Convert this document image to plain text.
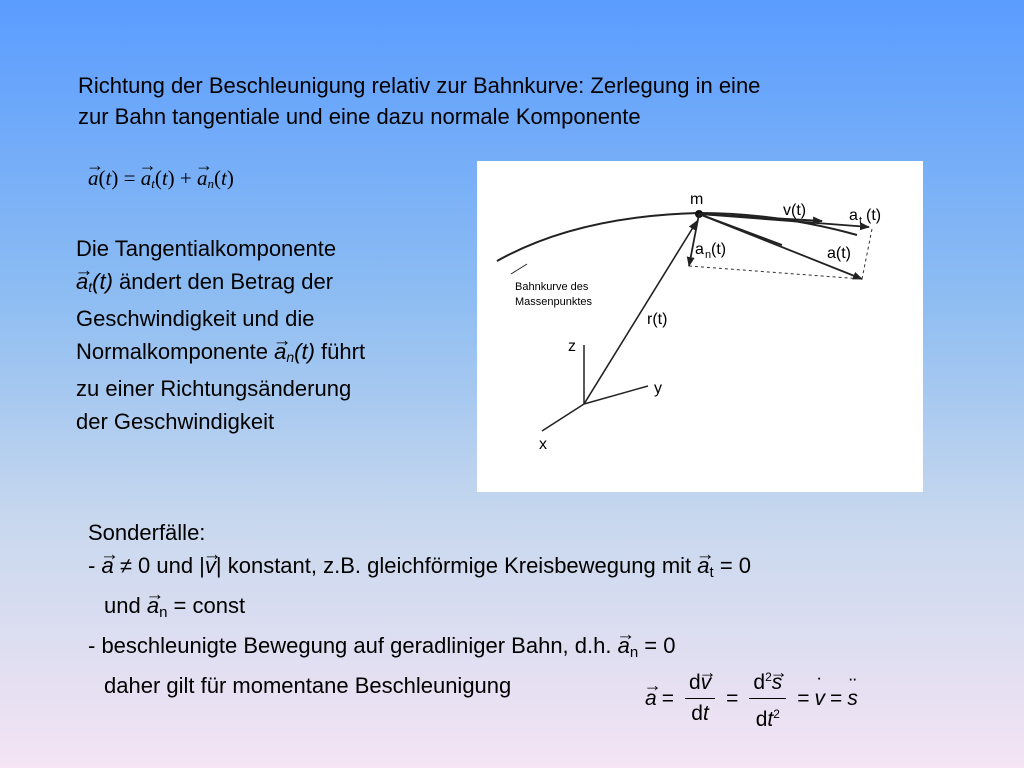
Richtung der Beschleunigung relativ zur Bahnkurve: Zerlegung in eine
zur Bahn tangentiale und eine dazu normale Komponente
→ a(t) = → $a_t(t)$ + → $a_n(t)$
Die Tangentialkomponente
→ $a_t(t)$ ändert den Betrag der
Geschwindigkeit und die
Normalkomponente → $a_n(t)$ führt
zu einer Richtungsänderung
der Geschwindigkeit
m
v(t)	a t (t)
a(t)
a n (t)
Bahnkurve des
Massenpunktes
r(t)
z
y
x
Sonderfälle:
- → a ≠ 0 und |→ v| konstant, z.B. gleichförmige Kreisbewegung mit → $a_t = 0$
und → $a_n$ = const
- beschleunigte Bewegung auf geradliniger Bahn, d.h. → $a_n = 0$
daher gilt für momentane Beschleunigung	→ $a = \frac{d\to v}{dt} = \frac{d^2\to s}{dt^2}$ = ˙ v = ¨ s
